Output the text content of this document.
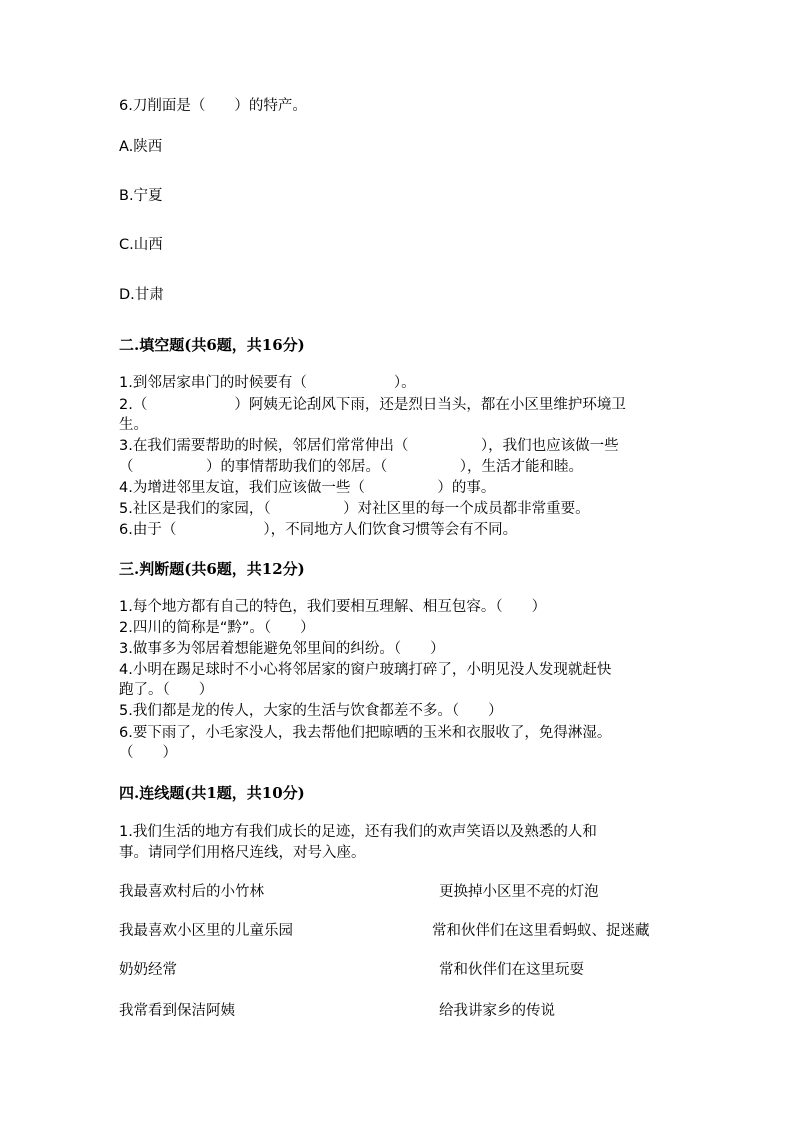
6.刀削面是（　　）的特产。
A.陕西
B.宁夏
C.山西
D.甘肃
二.填空题(共6题，共16分)
1.到邻居家串门的时候要有（　　　　　　）。
2.（　　　　　　）阿姨无论刮风下雨，还是烈日当头，都在小区里维护环境卫
生。
3.在我们需要帮助的时候，邻居们常常伸出（　　　　　），我们也应该做一些
（　　　　　）的事情帮助我们的邻居。（　　　　　），生活才能和睦。
4.为增进邻里友谊，我们应该做一些（　　　　　）的事。
5.社区是我们的家园，（　　　　　）对社区里的每一个成员都非常重要。
6.由于（　　　　　　），不同地方人们饮食习惯等会有不同。
三.判断题(共6题，共12分)
1.每个地方都有自己的特色，我们要相互理解、相互包容。（　　）
2.四川的简称是“黔”。（　　）
3.做事多为邻居着想能避免邻里间的纠纷。（　　）
4.小明在踢足球时不小心将邻居家的窗户玻璃打碎了，小明见没人发现就赶快
跑了。（　　）
5.我们都是龙的传人，大家的生活与饮食都差不多。（　　）
6.要下雨了，小毛家没人，我去帮他们把晾晒的玉米和衣服收了，免得淋湿。
（　　）
四.连线题(共1题，共10分)
1.我们生活的地方有我们成长的足迹，还有我们的欢声笑语以及熟悉的人和
事。请同学们用格尺连线，对号入座。
我最喜欢村后的小竹林
我最喜欢小区里的儿童乐园
奶奶经常
我常看到保洁阿姨
更换掉小区里不亮的灯泡
常和伙伴们在这里看蚂蚁、捉迷藏
常和伙伴们在这里玩耍
给我讲家乡的传说
